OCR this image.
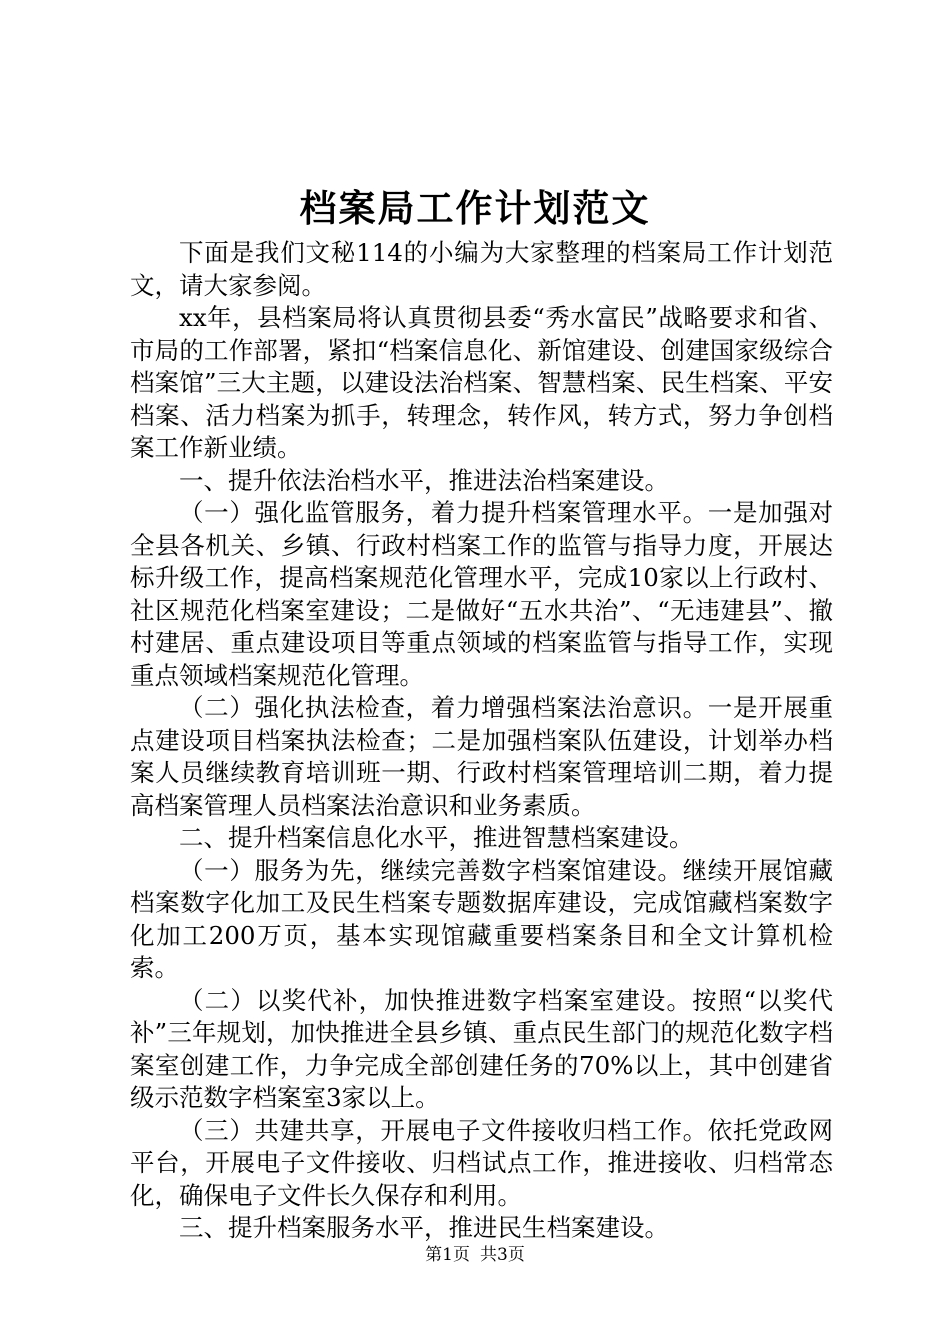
档案局工作计划范文

下面是我们文秘114的小编为大家整理的档案局工作计划范文，请大家参阅。

xx年，县档案局将认真贯彻县委“秀水富民”战略要求和省、市局的工作部署，紧扣“档案信息化、新馆建设、创建国家级综合档案馆”三大主题，以建设法治档案、智慧档案、民生档案、平安档案、活力档案为抓手，转理念，转作风，转方式，努力争创档案工作新业绩。

一、提升依法治档水平，推进法治档案建设。

（一）强化监管服务，着力提升档案管理水平。一是加强对全县各机关、乡镇、行政村档案工作的监管与指导力度，开展达标升级工作，提高档案规范化管理水平，完成10家以上行政村、社区规范化档案室建设；二是做好“五水共治”、“无违建县”、撤村建居、重点建设项目等重点领域的档案监管与指导工作，实现重点领域档案规范化管理。

（二）强化执法检查，着力增强档案法治意识。一是开展重点建设项目档案执法检查；二是加强档案队伍建设，计划举办档案人员继续教育培训班一期、行政村档案管理培训二期，着力提高档案管理人员档案法治意识和业务素质。

二、提升档案信息化水平，推进智慧档案建设。

（一）服务为先，继续完善数字档案馆建设。继续开展馆藏档案数字化加工及民生档案专题数据库建设，完成馆藏档案数字化加工200万页，基本实现馆藏重要档案条目和全文计算机检索。

（二）以奖代补，加快推进数字档案室建设。按照“以奖代补”三年规划，加快推进全县乡镇、重点民生部门的规范化数字档案室创建工作，力争完成全部创建任务的70%以上，其中创建省级示范数字档案室3家以上。

（三）共建共享，开展电子文件接收归档工作。依托党政网平台，开展电子文件接收、归档试点工作，推进接收、归档常态化，确保电子文件长久保存和利用。

三、提升档案服务水平，推进民生档案建设。

第1页 共3页
